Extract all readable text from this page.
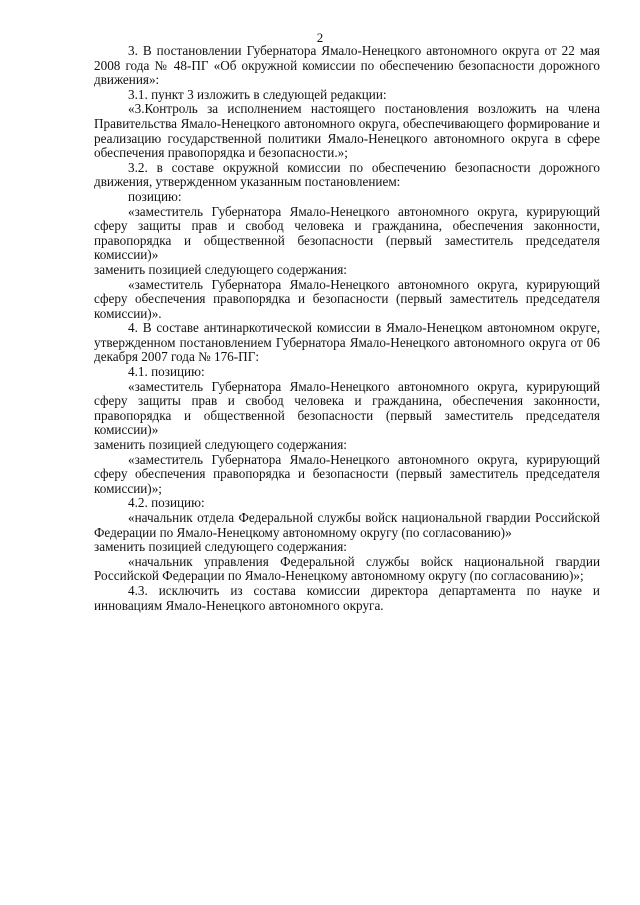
2

3. В постановлении Губернатора Ямало-Ненецкого автономного округа от 22 мая 2008 года № 48-ПГ «Об окружной комиссии по обеспечению безопасности дорожного движения»:

3.1. пункт 3 изложить в следующей редакции:

«3.Контроль за исполнением настоящего постановления возложить на члена Правительства Ямало-Ненецкого автономного округа, обеспечивающего формирование и реализацию государственной политики Ямало-Ненецкого автономного округа в сфере обеспечения правопорядка и безопасности.»;

3.2. в составе окружной комиссии по обеспечению безопасности дорожного движения, утвержденном указанным постановлением:

позицию:

«заместитель Губернатора Ямало-Ненецкого автономного округа, курирующий сферу защиты прав и свобод человека и гражданина, обеспечения законности, правопорядка и общественной безопасности (первый заместитель председателя комиссии)»

заменить позицией следующего содержания:

«заместитель Губернатора Ямало-Ненецкого автономного округа, курирующий сферу обеспечения правопорядка и безопасности (первый заместитель председателя комиссии)».

4. В составе антинаркотической комиссии в Ямало-Ненецком автономном округе, утвержденном постановлением Губернатора Ямало-Ненецкого автономного округа от 06 декабря 2007 года № 176-ПГ:

4.1. позицию:

«заместитель Губернатора Ямало-Ненецкого автономного округа, курирующий сферу защиты прав и свобод человека и гражданина, обеспечения законности, правопорядка и общественной безопасности (первый заместитель председателя комиссии)»

заменить позицией следующего содержания:

«заместитель Губернатора Ямало-Ненецкого автономного округа, курирующий сферу обеспечения правопорядка и безопасности (первый заместитель председателя комиссии)»;

4.2. позицию:

«начальник отдела Федеральной службы войск национальной гвардии Российской Федерации по Ямало-Ненецкому автономному округу (по согласованию)»

заменить позицией следующего содержания:

«начальник управления Федеральной службы войск национальной гвардии Российской Федерации по Ямало-Ненецкому автономному округу (по согласованию)»;

4.3. исключить из состава комиссии директора департамента по науке и инновациям Ямало-Ненецкого автономного округа.
